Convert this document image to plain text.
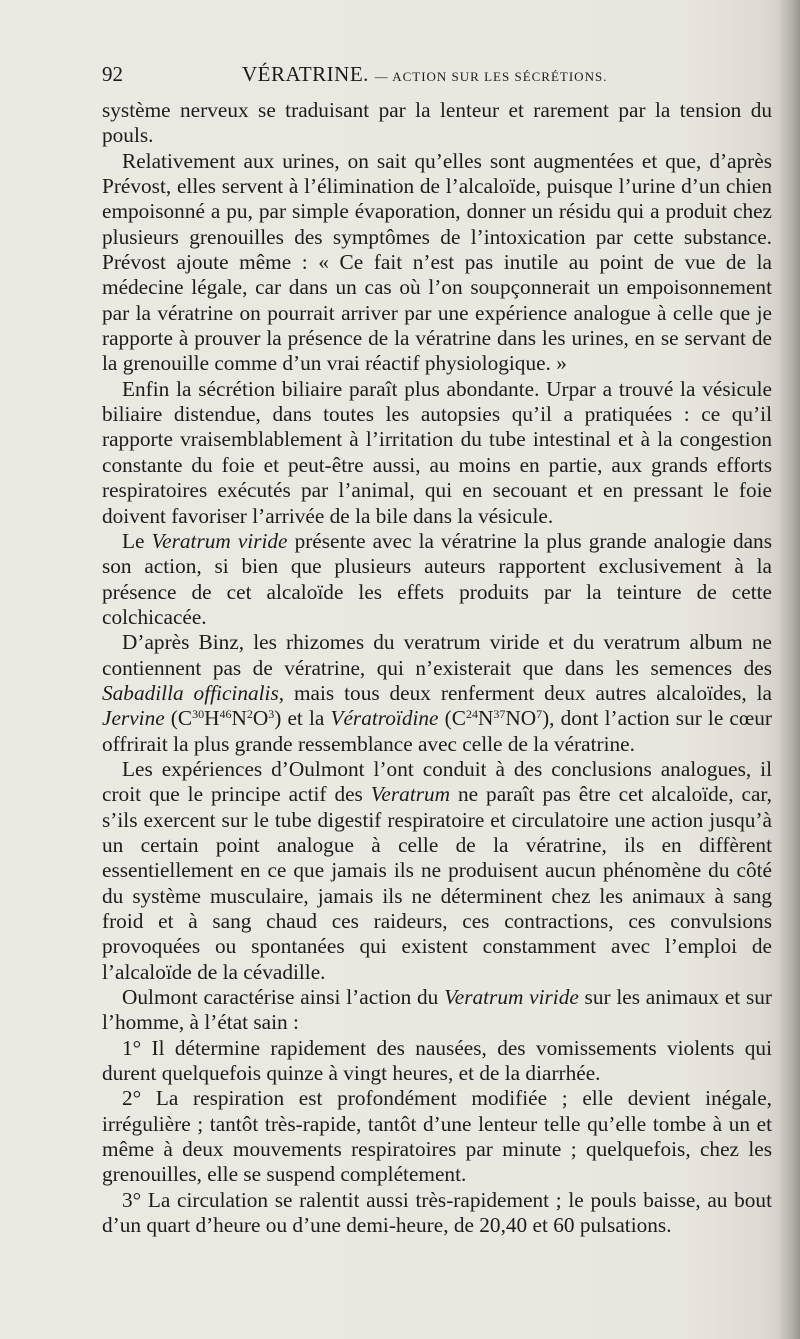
92	VÉRATRINE. — ACTION SUR LES SÉCRÉTIONS.

système nerveux se traduisant par la lenteur et rarement par la tension du pouls.

Relativement aux urines, on sait qu’elles sont augmentées et que, d’après Prévost, elles servent à l’élimination de l’alcaloïde, puisque l’urine d’un chien empoisonné a pu, par simple évaporation, donner un résidu qui a produit chez plusieurs grenouilles des symptômes de l’intoxication par cette substance. Prévost ajoute même : « Ce fait n’est pas inutile au point de vue de la médecine légale, car dans un cas où l’on soupçonnerait un empoisonnement par la vératrine on pourrait arriver par une expérience analogue à celle que je rapporte à prouver la présence de la vératrine dans les urines, en se servant de la grenouille comme d’un vrai réactif physiologique. »

Enfin la sécrétion biliaire paraît plus abondante. Urpar a trouvé la vésicule biliaire distendue, dans toutes les autopsies qu’il a pratiquées : ce qu’il rapporte vraisemblablement à l’irritation du tube intestinal et à la congestion constante du foie et peut-être aussi, au moins en partie, aux grands efforts respiratoires exécutés par l’animal, qui en secouant et en pressant le foie doivent favoriser l’arrivée de la bile dans la vésicule.

Le Veratrum viride présente avec la vératrine la plus grande analogie dans son action, si bien que plusieurs auteurs rapportent exclusivement à la présence de cet alcaloïde les effets produits par la teinture de cette colchicacée.

D’après Binz, les rhizomes du veratrum viride et du veratrum album ne contiennent pas de vératrine, qui n’existerait que dans les semences des Sabadilla officinalis, mais tous deux renferment deux autres alcaloïdes, la Jervine $(C^{30}H^{46}N^2O^3)$ et la Vératroïdine $(C^{24}N^{37}NO^7)$, dont l’action sur le cœur offrirait la plus grande ressemblance avec celle de la vératrine.

Les expériences d’Oulmont l’ont conduit à des conclusions analogues, il croit que le principe actif des Veratrum ne paraît pas être cet alcaloïde, car, s’ils exercent sur le tube digestif respiratoire et circulatoire une action jusqu’à un certain point analogue à celle de la vératrine, ils en diffèrent essentiellement en ce que jamais ils ne produisent aucun phénomène du côté du système musculaire, jamais ils ne déterminent chez les animaux à sang froid et à sang chaud ces raideurs, ces contractions, ces convulsions provoquées ou spontanées qui existent constamment avec l’emploi de l’alcaloïde de la cévadille.

Oulmont caractérise ainsi l’action du Veratrum viride sur les animaux et sur l’homme, à l’état sain :

1° Il détermine rapidement des nausées, des vomissements violents qui durent quelquefois quinze à vingt heures, et de la diarrhée.

2° La respiration est profondément modifiée ; elle devient inégale, irrégulière ; tantôt très-rapide, tantôt d’une lenteur telle qu’elle tombe à un et même à deux mouvements respiratoires par minute ; quelquefois, chez les grenouilles, elle se suspend complétement.

3° La circulation se ralentit aussi très-rapidement ; le pouls baisse, au bout d’un quart d’heure ou d’une demi-heure, de 20,40 et 60 pulsations.
